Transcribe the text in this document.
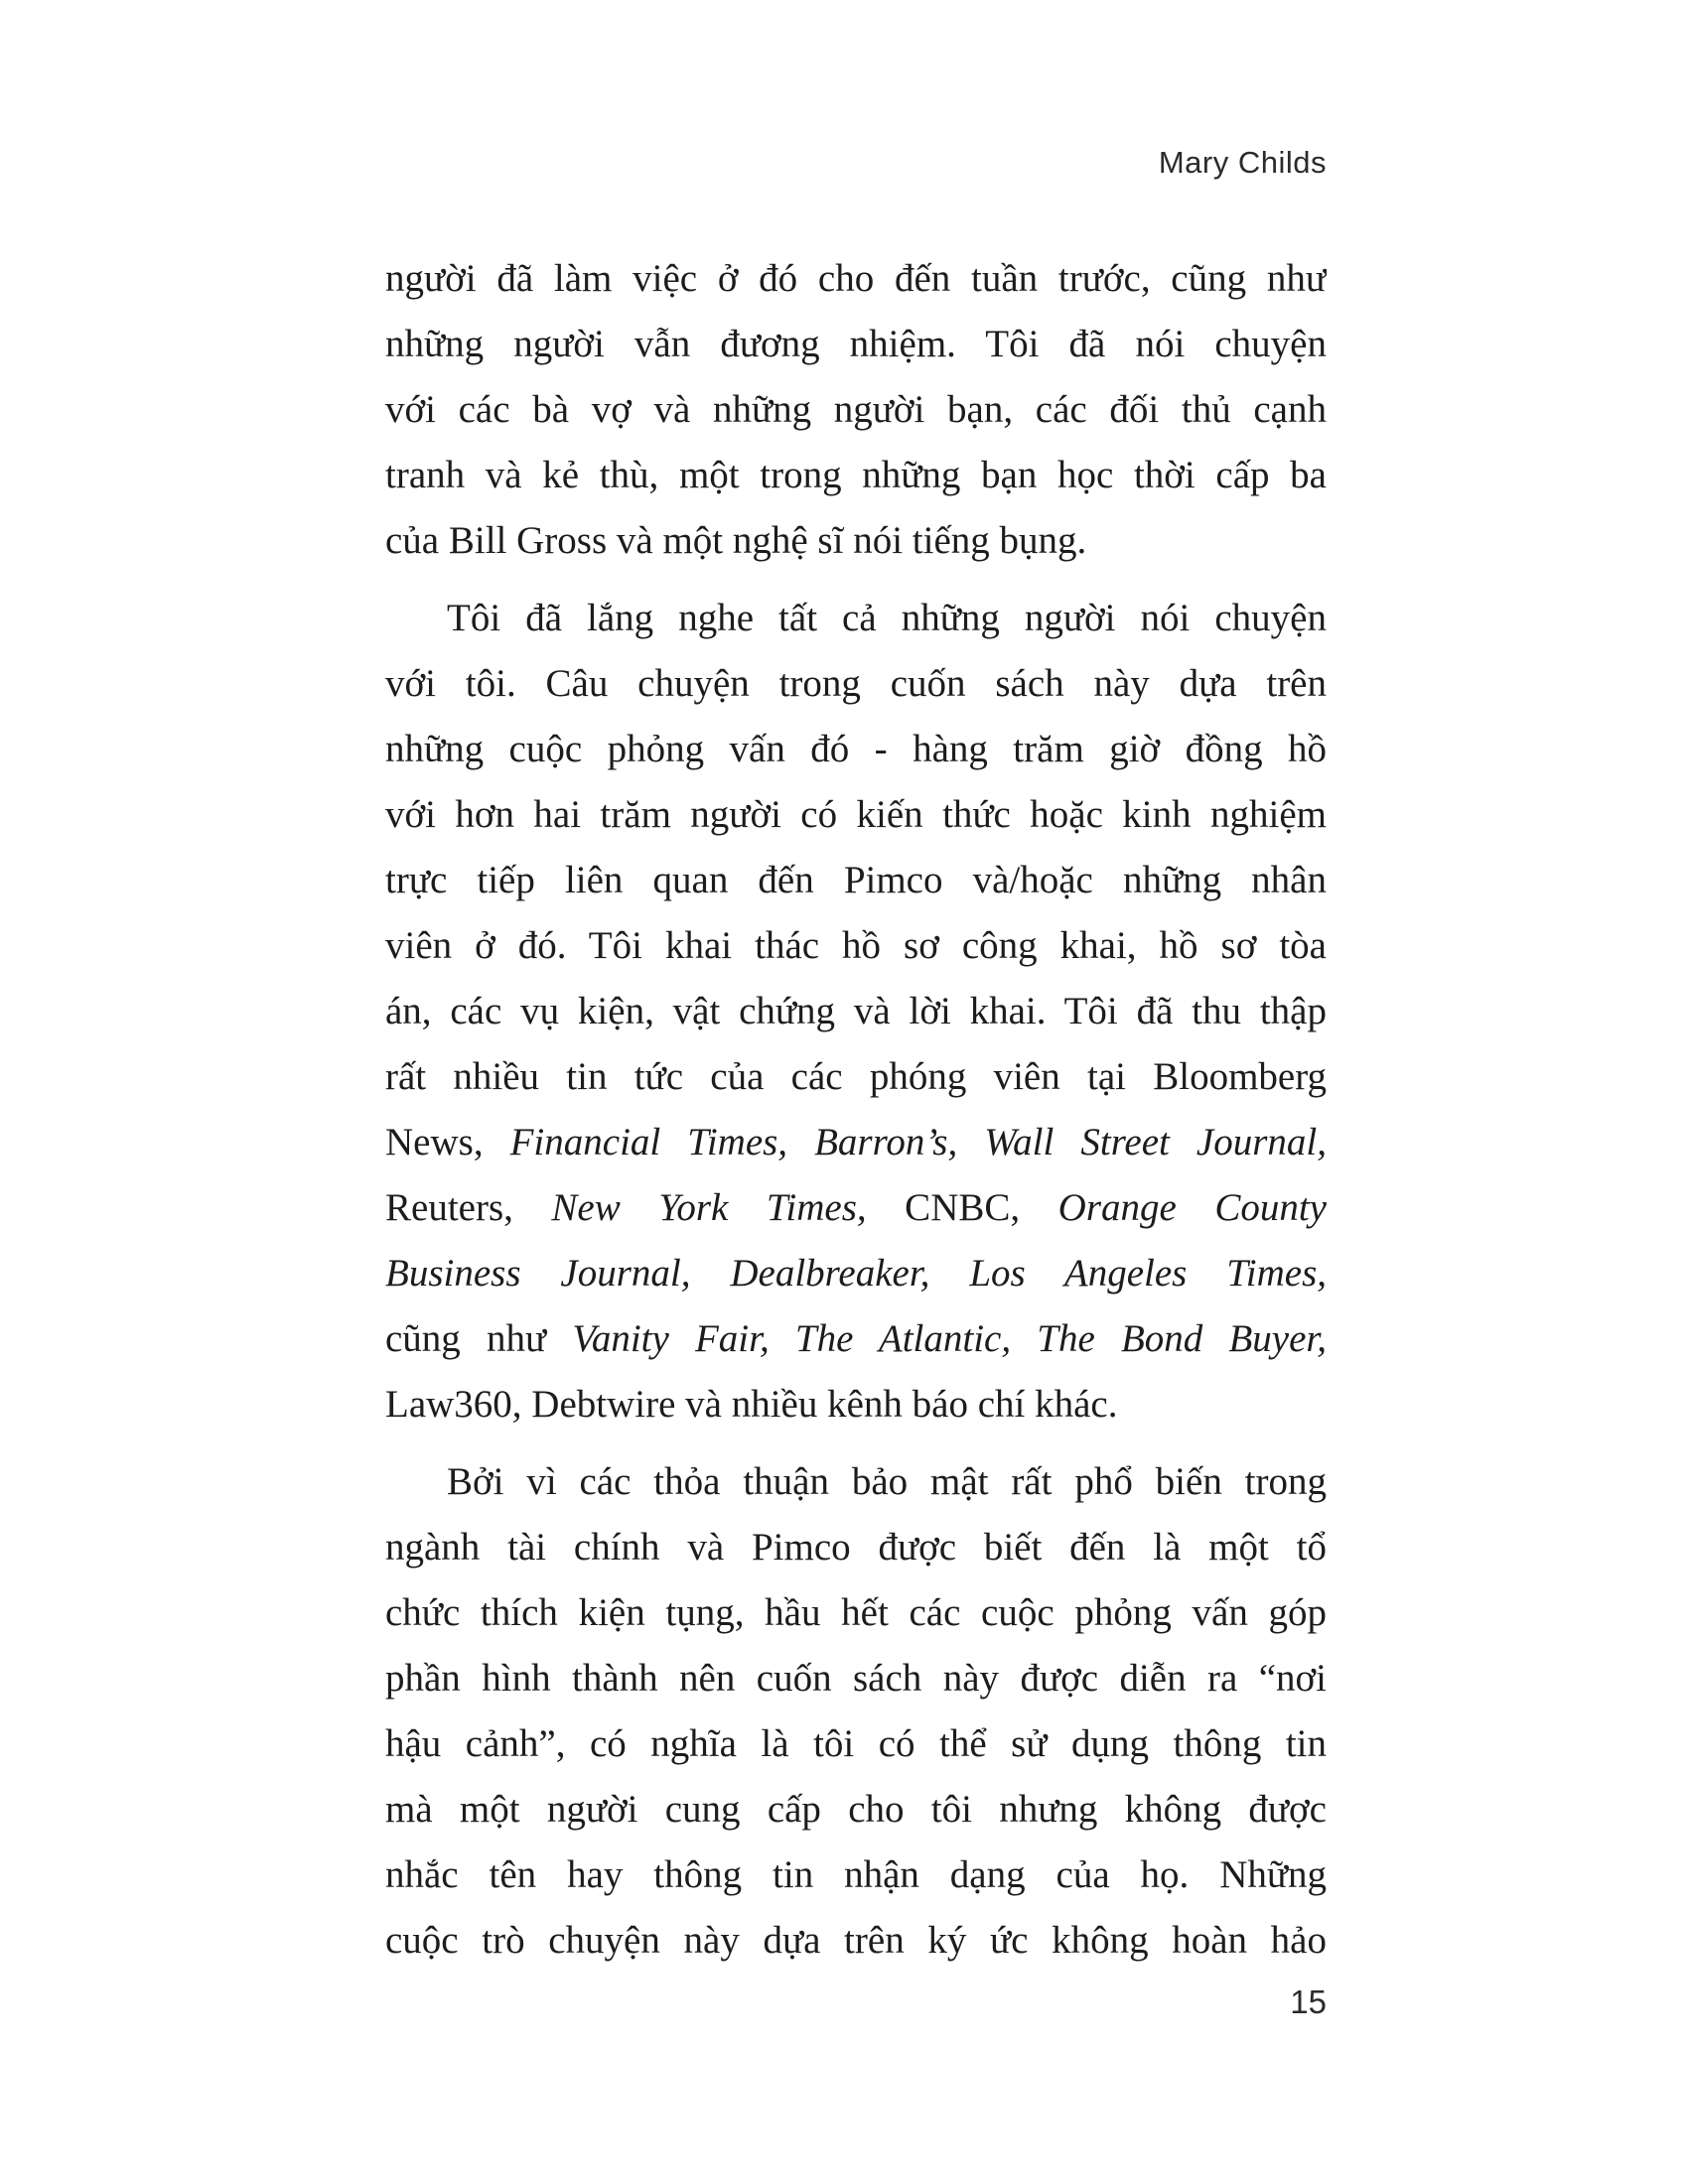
Mary Childs
người đã làm việc ở đó cho đến tuần trước, cũng như
những người vẫn đương nhiệm. Tôi đã nói chuyện
với các bà vợ và những người bạn, các đối thủ cạnh
tranh và kẻ thù, một trong những bạn học thời cấp ba
của Bill Gross và một nghệ sĩ nói tiếng bụng.
Tôi đã lắng nghe tất cả những người nói chuyện
với tôi. Câu chuyện trong cuốn sách này dựa trên
những cuộc phỏng vấn đó - hàng trăm giờ đồng hồ
với hơn hai trăm người có kiến thức hoặc kinh nghiệm
trực tiếp liên quan đến Pimco và/hoặc những nhân
viên ở đó. Tôi khai thác hồ sơ công khai, hồ sơ tòa
án, các vụ kiện, vật chứng và lời khai. Tôi đã thu thập
rất nhiều tin tức của các phóng viên tại Bloomberg
News, Financial Times, Barron’s, Wall Street Journal,
Reuters, New York Times, CNBC, Orange County
Business Journal, Dealbreaker, Los Angeles Times,
cũng như Vanity Fair, The Atlantic, The Bond Buyer,
Law360, Debtwire và nhiều kênh báo chí khác.
Bởi vì các thỏa thuận bảo mật rất phổ biến trong
ngành tài chính và Pimco được biết đến là một tổ
chức thích kiện tụng, hầu hết các cuộc phỏng vấn góp
phần hình thành nên cuốn sách này được diễn ra “nơi
hậu cảnh”, có nghĩa là tôi có thể sử dụng thông tin
mà một người cung cấp cho tôi nhưng không được
nhắc tên hay thông tin nhận dạng của họ. Những
cuộc trò chuyện này dựa trên ký ức không hoàn hảo
15
